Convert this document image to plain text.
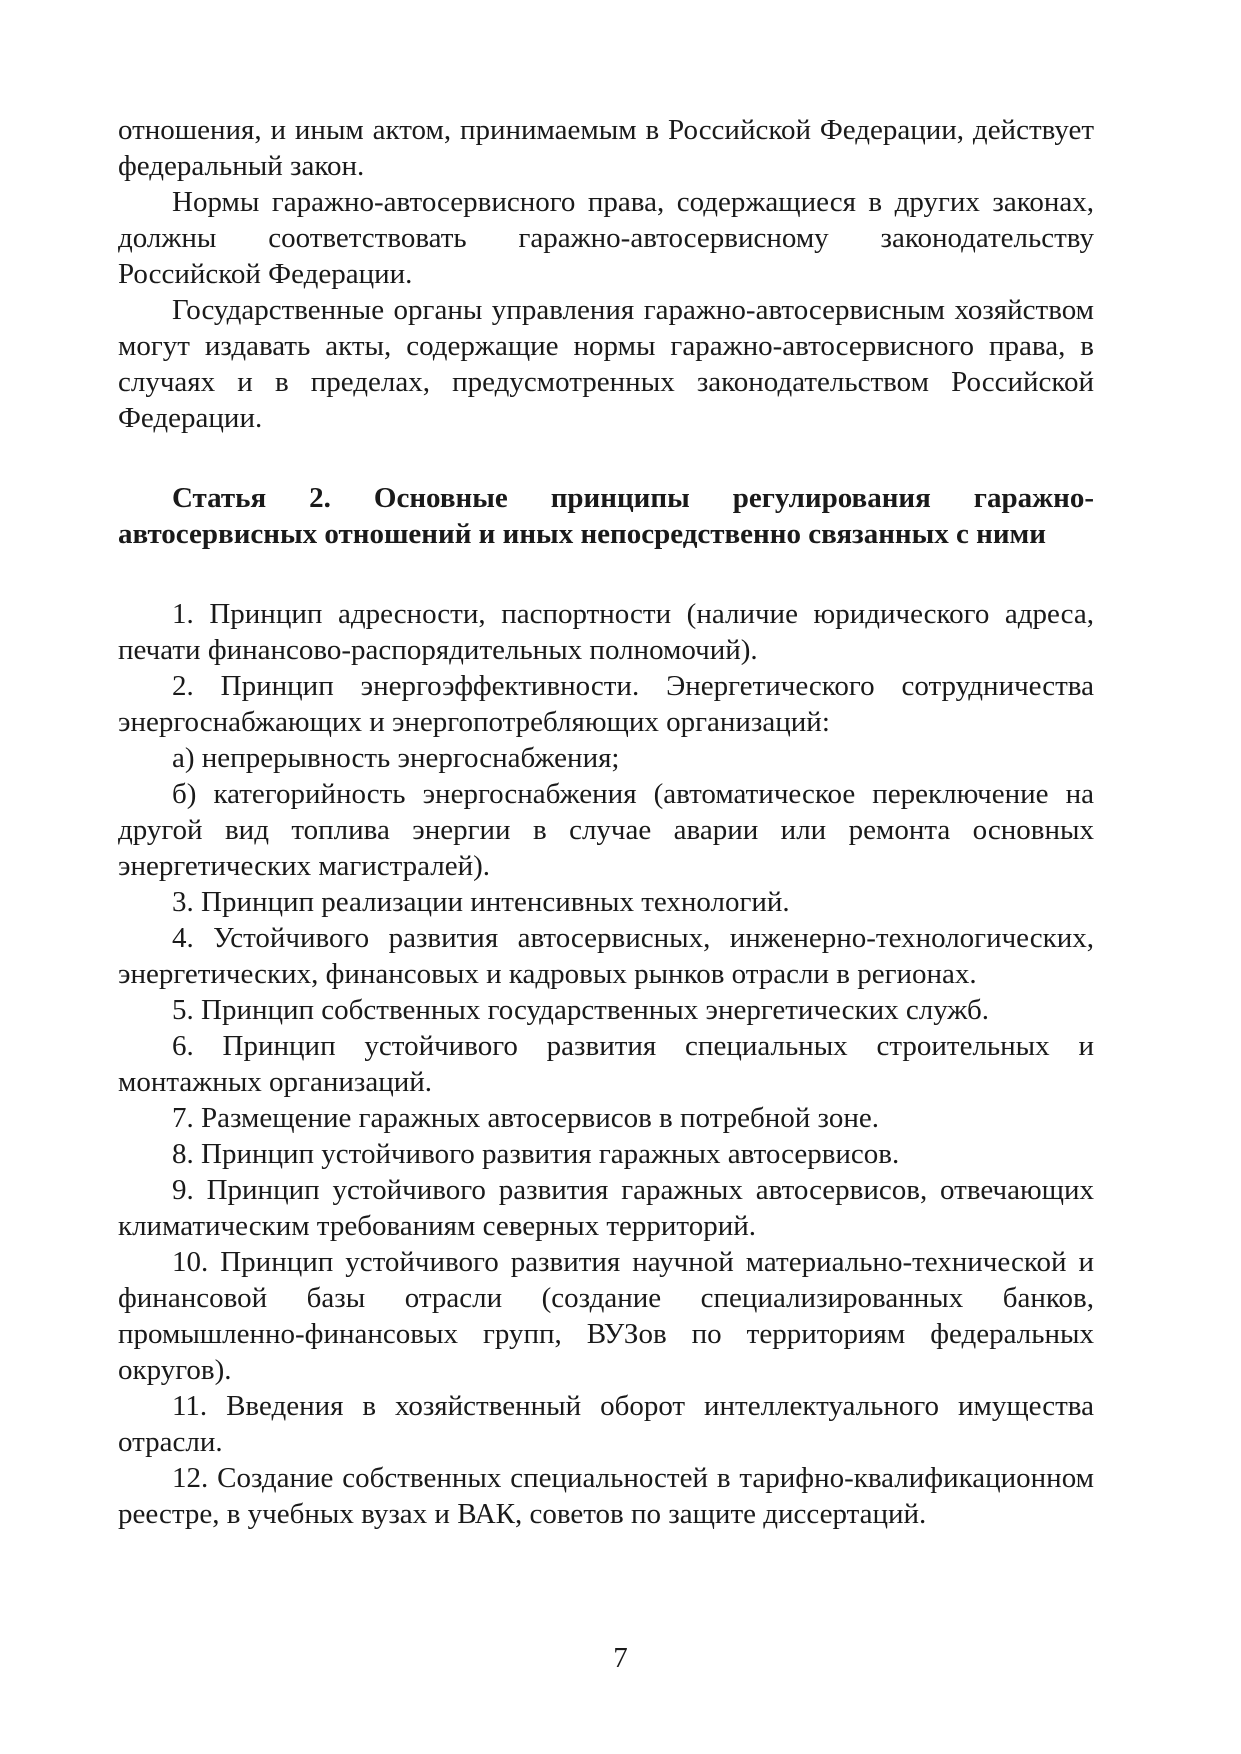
отношения, и иным актом, принимаемым в Российской Федерации, действует федеральный закон.

Нормы гаражно-автосервисного права, содержащиеся в других законах, должны соответствовать гаражно-автосервисному законодательству Российской Федерации.

Государственные органы управления гаражно-автосервисным хозяйством могут издавать акты, содержащие нормы гаражно-автосервисного права, в случаях и в пределах, предусмотренных законодательством Российской Федерации.

Статья 2. Основные принципы регулирования гаражно-автосервисных отношений и иных непосредственно связанных с ними

1. Принцип адресности, паспортности (наличие юридического адреса, печати финансово-распорядительных полномочий).

2. Принцип энергоэффективности. Энергетического сотрудничества энергоснабжающих и энергопотребляющих организаций:

а) непрерывность энергоснабжения;

б) категорийность энергоснабжения (автоматическое переключение на другой вид топлива энергии в случае аварии или ремонта основных энергетических магистралей).

3. Принцип реализации интенсивных технологий.

4. Устойчивого развития автосервисных, инженерно-технологических, энергетических, финансовых и кадровых рынков отрасли в регионах.

5. Принцип собственных государственных энергетических служб.

6. Принцип устойчивого развития специальных строительных и монтажных организаций.

7. Размещение гаражных автосервисов в потребной зоне.

8. Принцип устойчивого развития гаражных автосервисов.

9. Принцип устойчивого развития гаражных автосервисов, отвечающих климатическим требованиям северных территорий.

10. Принцип устойчивого развития научной материально-технической и финансовой базы отрасли (создание специализированных банков, промышленно-финансовых групп, ВУЗов по территориям федеральных округов).

11. Введения в хозяйственный оборот интеллектуального имущества отрасли.

12. Создание собственных специальностей в тарифно-квалификационном реестре, в учебных вузах и ВАК, советов по защите диссертаций.

7
